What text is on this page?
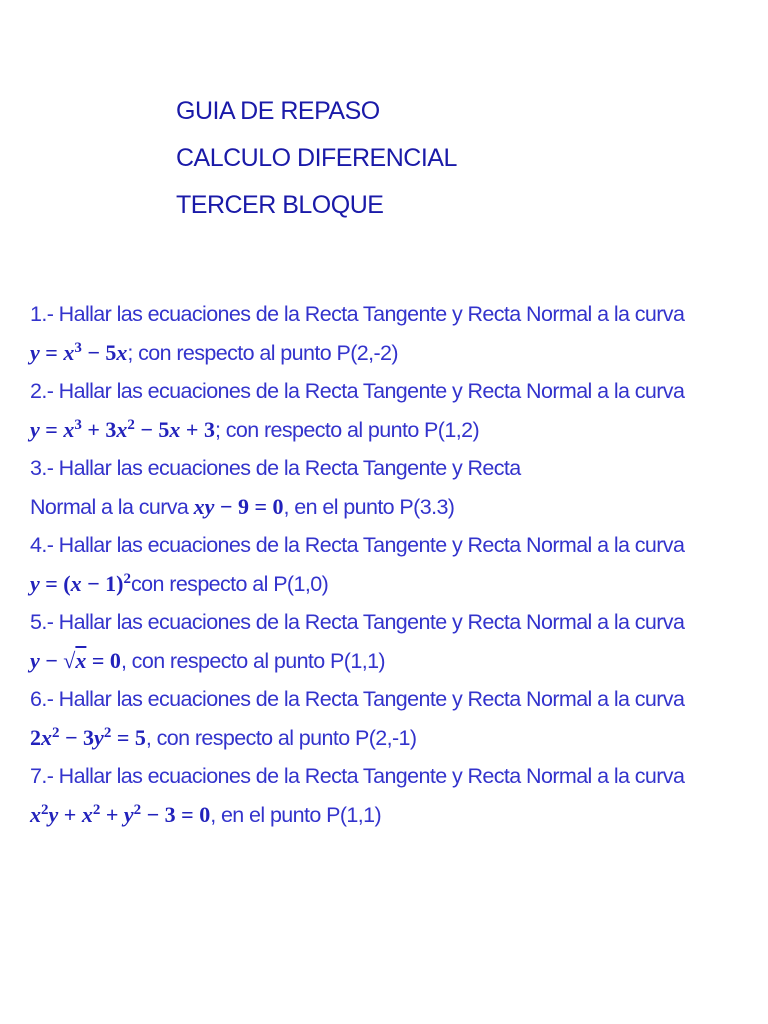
GUIA DE REPASO
CALCULO DIFERENCIAL
TERCER BLOQUE
1.- Hallar las ecuaciones de la Recta Tangente y Recta Normal a la curva
$y = x^3 - 5x$; con respecto al punto P(2,-2)
2.- Hallar las ecuaciones de la Recta Tangente y Recta Normal a la curva
$y = x^3 + 3x^2 - 5x + 3$; con respecto al punto P(1,2)
3.- Hallar las ecuaciones de la Recta Tangente y Recta
Normal a la curva xy − 9 = 0, en el punto P(3.3)
4.- Hallar las ecuaciones de la Recta Tangente y Recta Normal a la curva
$y = (x - 1)^2con$ respecto al P(1,0)
5.- Hallar las ecuaciones de la Recta Tangente y Recta Normal a la curva
y − √x = 0, con respecto al punto P(1,1)
6.- Hallar las ecuaciones de la Recta Tangente y Recta Normal a la curva
$2x^2 - 3y^2 = 5$, con respecto al punto P(2,-1)
7.- Hallar las ecuaciones de la Recta Tangente y Recta Normal a la curva
$x^2y + x^2 + y^2 - 3 = 0$, en el punto P(1,1)
